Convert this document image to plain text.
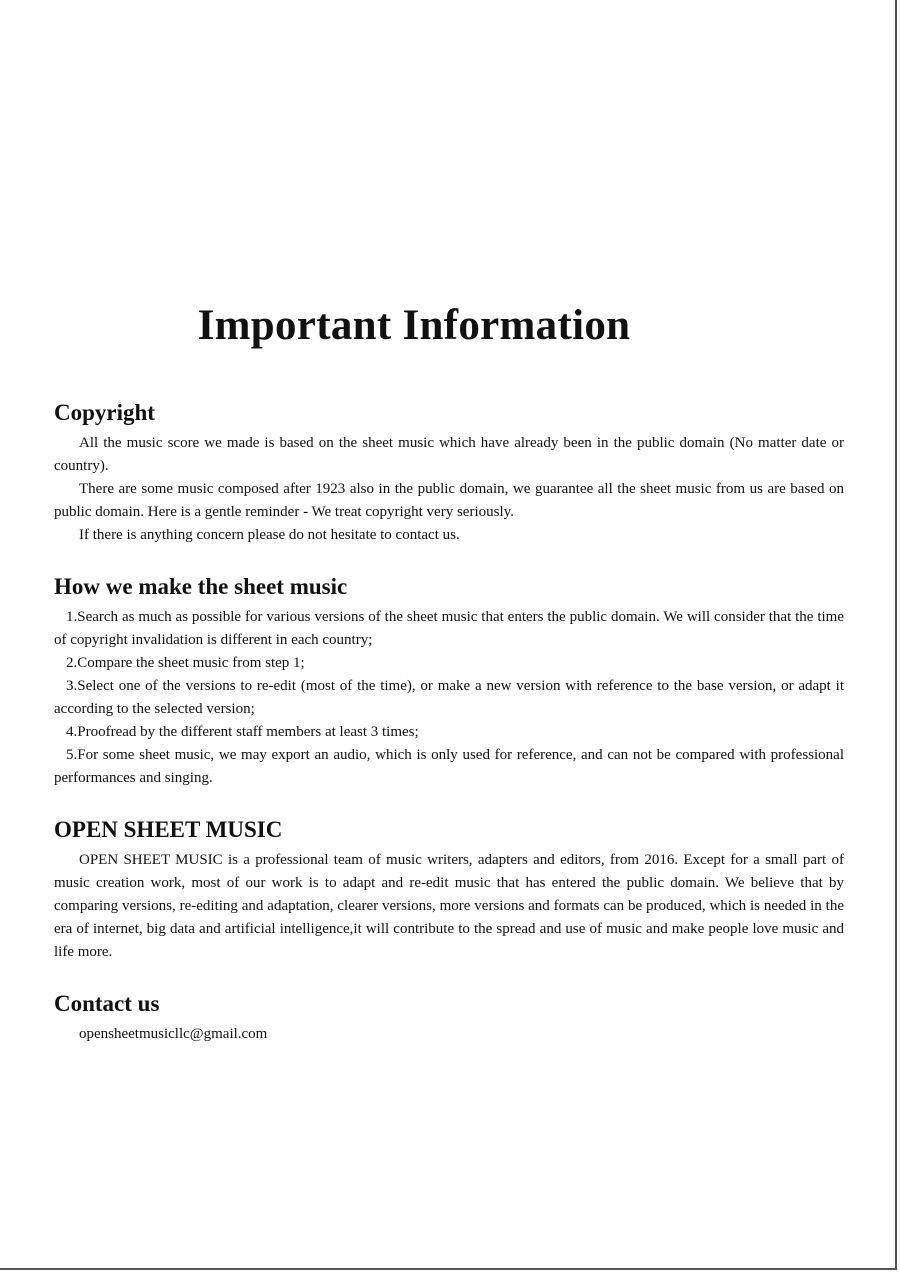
Important Information
Copyright

All the music score we made is based on the sheet music which have already been in the public domain (No matter date or country).

There are some music composed after 1923 also in the public domain, we guarantee all the sheet music from us are based on public domain. Here is a gentle reminder - We treat copyright very seriously.

If there is anything concern please do not hesitate to contact us.

How we make the sheet music

1.Search as much as possible for various versions of the sheet music that enters the public domain. We will consider that the time of copyright invalidation is different in each country;

2.Compare the sheet music from step 1;

3.Select one of the versions to re-edit (most of the time), or make a new version with reference to the base version, or adapt it according to the selected version;

4.Proofread by the different staff members at least 3 times;

5.For some sheet music, we may export an audio, which is only used for reference, and can not be compared with professional performances and singing.

OPEN SHEET MUSIC

OPEN SHEET MUSIC is a professional team of music writers, adapters and editors, from 2016. Except for a small part of music creation work, most of our work is to adapt and re-edit music that has entered the public domain. We believe that by comparing versions, re-editing and adaptation, clearer versions, more versions and formats can be produced, which is needed in the era of internet, big data and artificial intelligence,it will contribute to the spread and use of music and make people love music and life more.

Contact us

opensheetmusicllc@gmail.com
